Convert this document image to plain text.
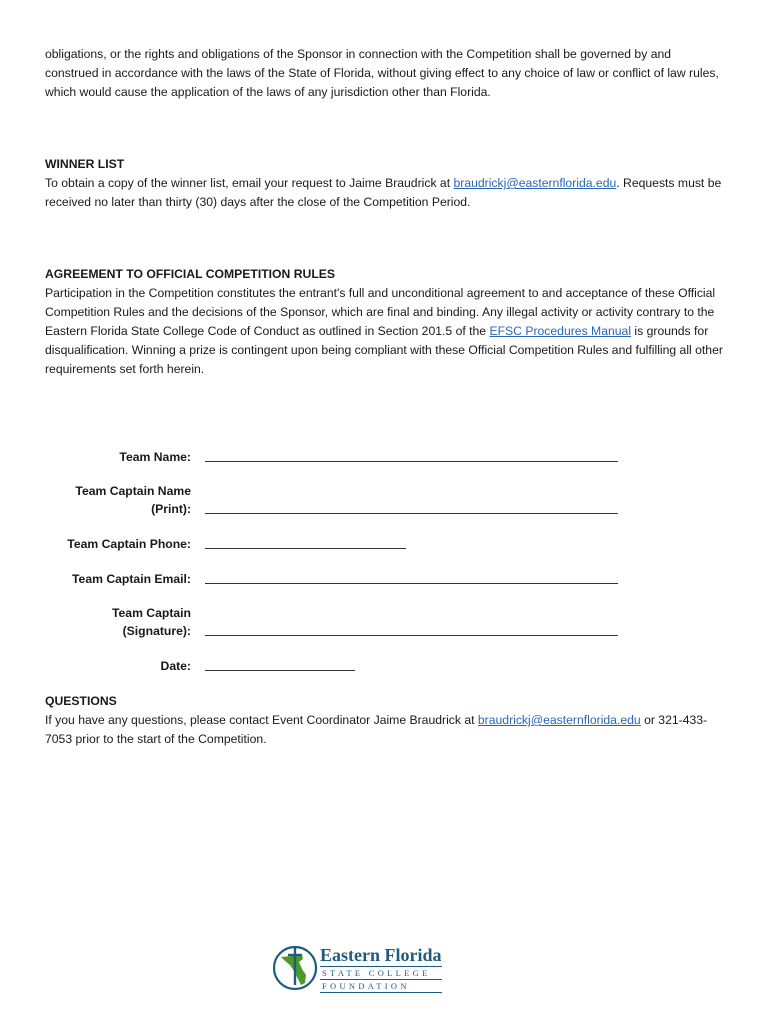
obligations, or the rights and obligations of the Sponsor in connection with the Competition shall be governed by and construed in accordance with the laws of the State of Florida, without giving effect to any choice of law or conflict of law rules, which would cause the application of the laws of any jurisdiction other than Florida.

WINNER LIST

To obtain a copy of the winner list, email your request to Jaime Braudrick at braudrickj@easternflorida.edu. Requests must be received no later than thirty (30) days after the close of the Competition Period.

AGREEMENT TO OFFICIAL COMPETITION RULES

Participation in the Competition constitutes the entrant's full and unconditional agreement to and acceptance of these Official Competition Rules and the decisions of the Sponsor, which are final and binding. Any illegal activity or activity contrary to the Eastern Florida State College Code of Conduct as outlined in Section 201.5 of the EFSC Procedures Manual is grounds for disqualification. Winning a prize is contingent upon being compliant with these Official Competition Rules and fulfilling all other requirements set forth herein.

Team Name:
Team Captain Name
(Print):
Team Captain Phone:
Team Captain Email:
Team Captain
(Signature):
Date:
QUESTIONS

If you have any questions, please contact Event Coordinator Jaime Braudrick at braudrickj@easternflorida.edu or 321-433-7053 prior to the start of the Competition.

Eastern Florida
STATE COLLEGE
FOUNDATION
